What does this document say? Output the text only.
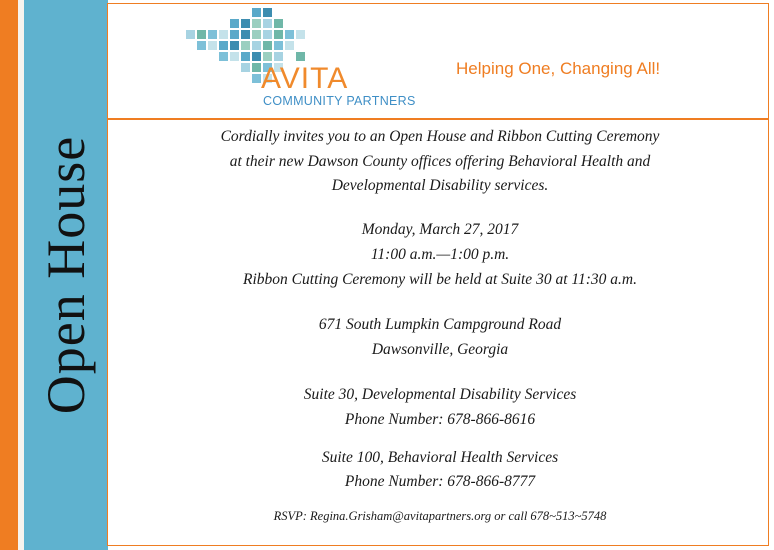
Open House
AVITA
COMMUNITY PARTNERS
Helping One, Changing All!
Cordially invites you to an Open House and Ribbon Cutting Ceremony
at their new Dawson County offices offering Behavioral Health and
Developmental Disability services.
Monday, March 27, 2017
11:00 a.m.—1:00 p.m.
Ribbon Cutting Ceremony will be held at Suite 30 at 11:30 a.m.
671 South Lumpkin Campground Road
Dawsonville, Georgia
Suite 30, Developmental Disability Services
Phone Number: 678-866-8616
Suite 100, Behavioral Health Services
Phone Number: 678-866-8777
RSVP: Regina.Grisham@avitapartners.org or call 678~513~5748
